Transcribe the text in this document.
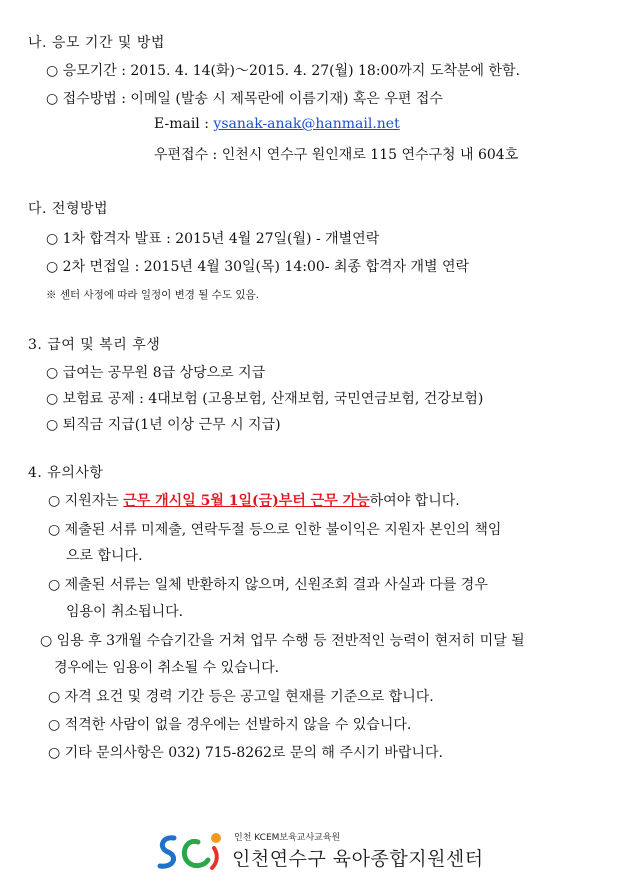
나. 응모 기간 및 방법
○ 응모기간 : 2015. 4. 14(화)～2015. 4. 27(월) 18:00까지 도착분에 한함.
○ 접수방법 : 이메일 (발송 시 제목란에 이름기재) 혹은 우편 접수
E-mail : ysanak-anak@hanmail.net
우편접수 : 인천시 연수구 원인재로 115 연수구청 내 604호
다. 전형방법
○ 1차 합격자 발표 : 2015년 4월 27일(월) - 개별연락
○ 2차 면접일 : 2015년 4월 30일(목) 14:00- 최종 합격자 개별 연락
※ 센터 사정에 따라 일정이 변경 될 수도 있음.
3. 급여 및 복리 후생
○ 급여는 공무원 8급 상당으로 지급
○ 보험료 공제 : 4대보험 (고용보험, 산재보험, 국민연금보험, 건강보험)
○ 퇴직금 지급(1년 이상 근무 시 지급)
4. 유의사항
○ 지원자는 근무 개시일 5월 1일(금)부터 근무 가능하여야 합니다.
○ 제출된 서류 미제출, 연락두절 등으로 인한 불이익은 지원자 본인의 책임
으로 합니다.
○ 제출된 서류는 일체 반환하지 않으며, 신원조회 결과 사실과 다를 경우
임용이 취소됩니다.
○ 임용 후 3개월 수습기간을 거쳐 업무 수행 등 전반적인 능력이 현저히 미달 될
경우에는 임용이 취소될 수 있습니다.
○ 자격 요건 및 경력 기간 등은 공고일 현재를 기준으로 합니다.
○ 적격한 사람이 없을 경우에는 선발하지 않을 수 있습니다.
○ 기타 문의사항은 032) 715-8262로 문의 해 주시기 바랍니다.
인천 KCEM보육교사교육원
인천연수구 육아종합지원센터
